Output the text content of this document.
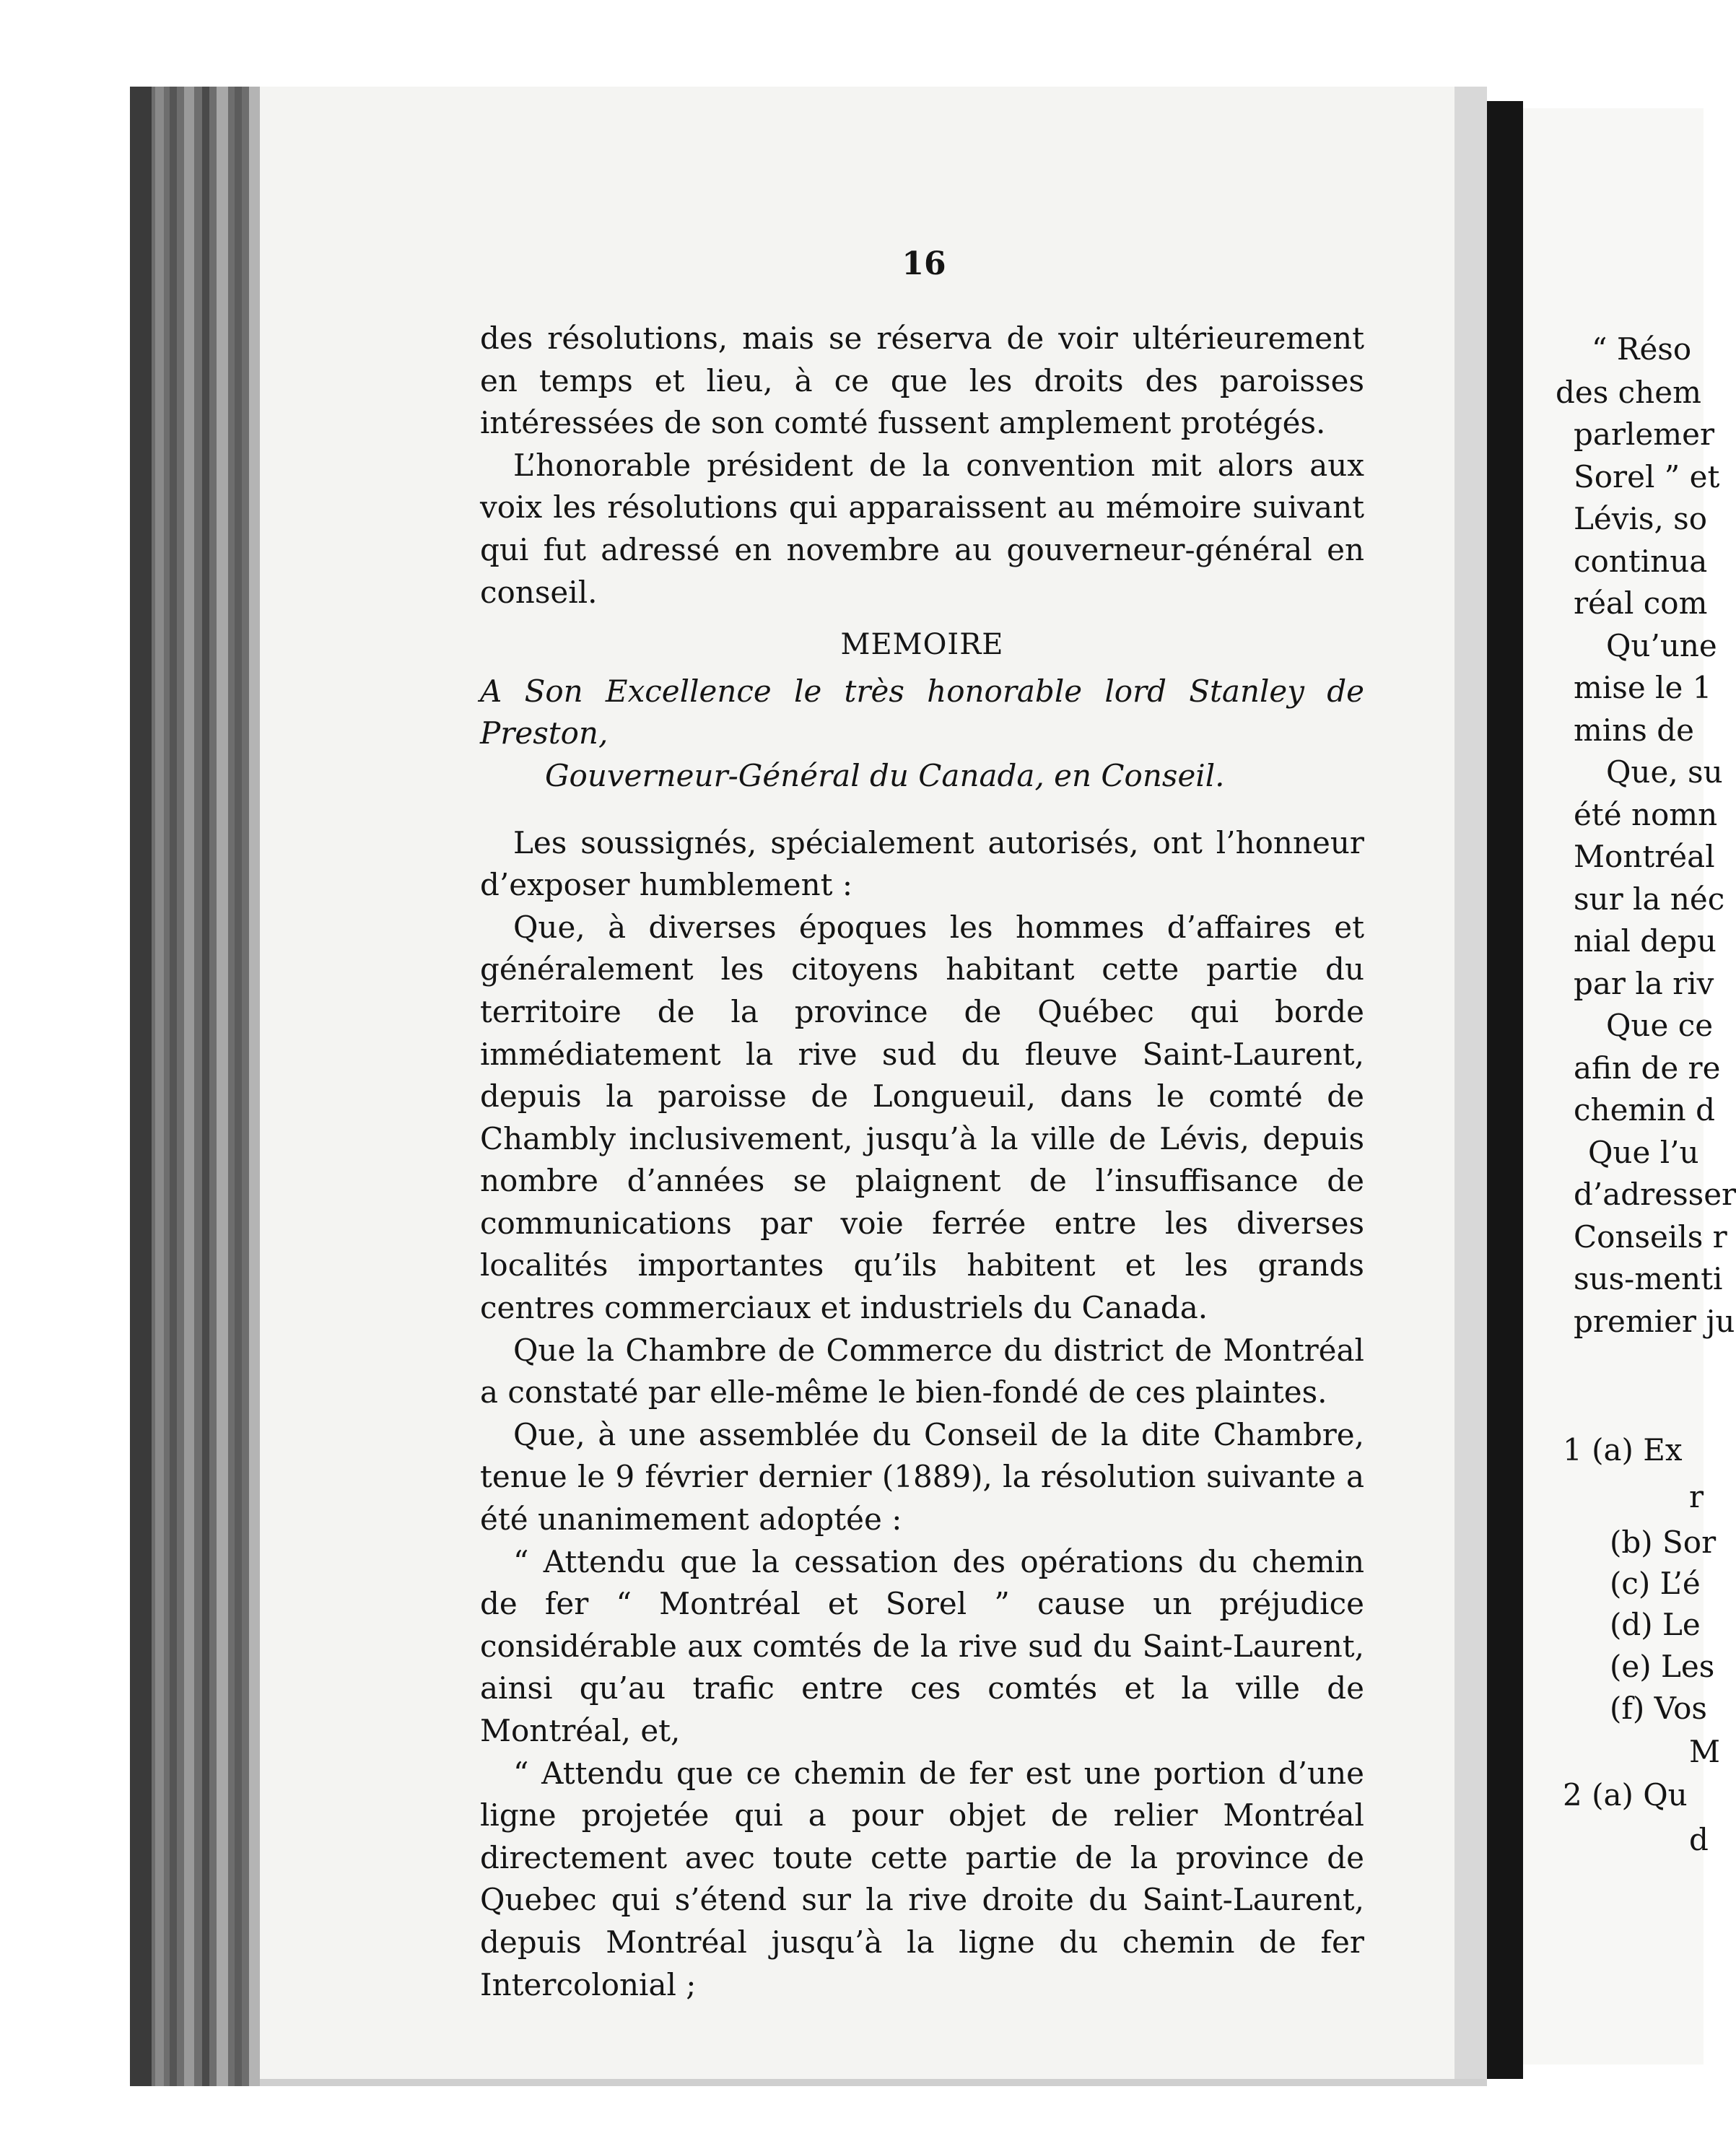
16

des résolutions, mais se réserva de voir ultérieurement en temps et lieu, à ce que les droits des paroisses intéressées de son comté fussent amplement protégés.

L’honorable président de la convention mit alors aux voix les résolutions qui apparaissent au mémoire suivant qui fut adressé en novembre au gouverneur-général en conseil.

MEMOIRE

A Son Excellence le très honorable lord Stanley de Preston,

Gouverneur-Général du Canada, en Conseil.

Les soussignés, spécialement autorisés, ont l’honneur d’exposer humblement :

Que, à diverses époques les hommes d’affaires et généralement les citoyens habitant cette partie du territoire de la province de Québec qui borde immédiatement la rive sud du fleuve Saint-Laurent, depuis la paroisse de Longueuil, dans le comté de Chambly inclusivement, jusqu’à la ville de Lévis, depuis nombre d’années se plaignent de l’insuffisance de communications par voie ferrée entre les diverses localités importantes qu’ils habitent et les grands centres commerciaux et industriels du Canada.

Que la Chambre de Commerce du district de Montréal a constaté par elle-même le bien-fondé de ces plaintes.

Que, à une assemblée du Conseil de la dite Chambre, tenue le 9 février dernier (1889), la résolution suivante a été unanimement adoptée :

“ Attendu que la cessation des opérations du chemin de fer “ Montréal et Sorel ” cause un préjudice considérable aux comtés de la rive sud du Saint-Laurent, ainsi qu’au trafic entre ces comtés et la ville de Montréal, et,

“ Attendu que ce chemin de fer est une portion d’une ligne projetée qui a pour objet de relier Montréal directement avec toute cette partie de la province de Quebec qui s’étend sur la rive droite du Saint-Laurent, depuis Montréal jusqu’à la ligne du chemin de fer Intercolonial ;

“ Réso
des chem
parlemer
Sorel ” et
Lévis, so
continua
réal com
Qu’une
mise le 1
mins de
Que, su
été nomn
Montréal
sur la néc
nial depu
par la riv
Que ce
afin de re
chemin d
Que l’u
d’adresser
Conseils r
sus-menti
premier ju
1 (a) Ex
r
(b) Sor
(c) L’é
(d) Le
(e) Les
(f) Vos
M
2 (a) Qu
d
